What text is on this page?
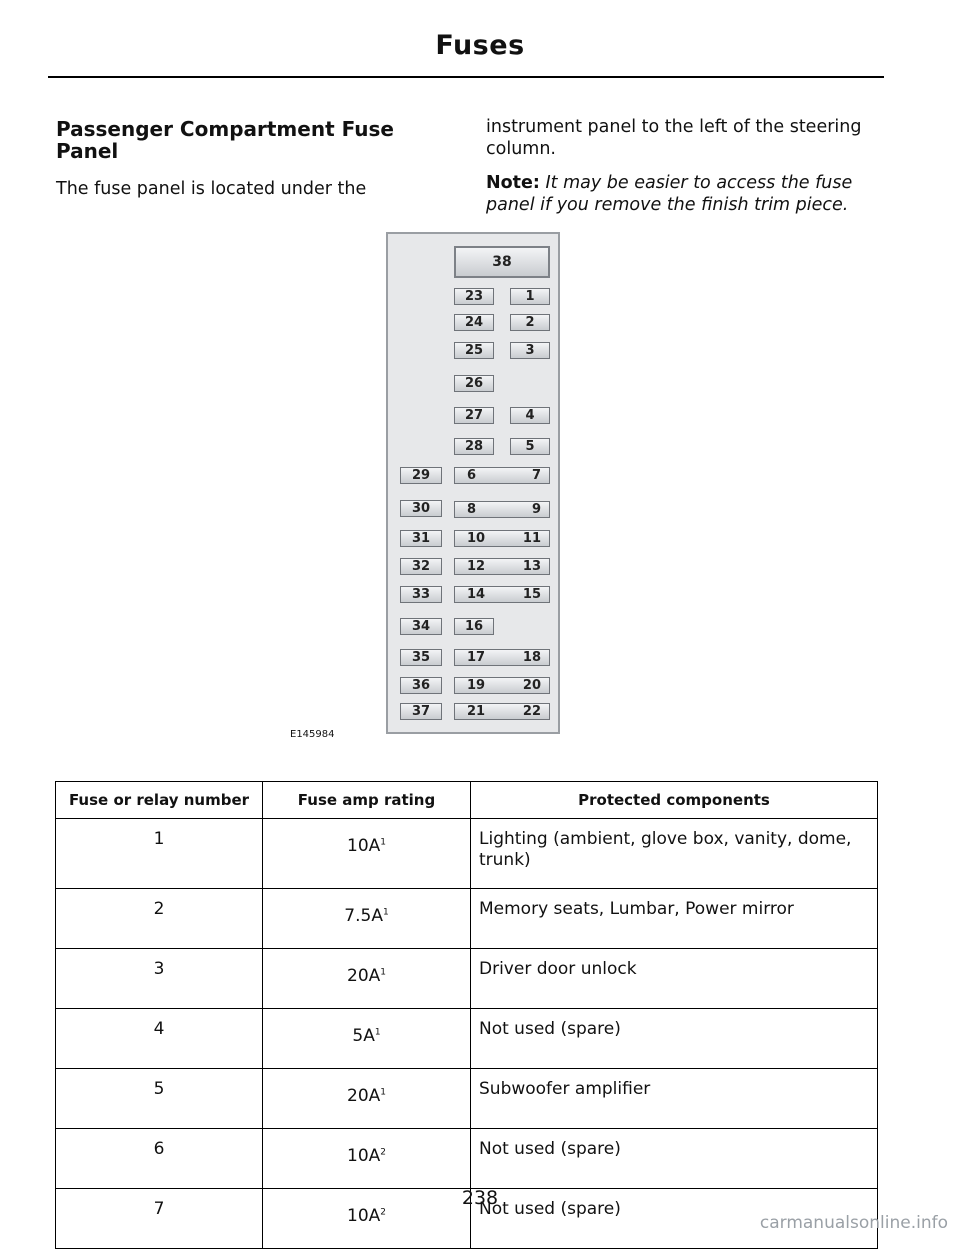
Fuses
Passenger Compartment Fuse Panel

The fuse panel is located under the

instrument panel to the left of the steering column.

Note: It may be easier to access the fuse panel if you remove the finish trim piece.

38
23	1
24	2
25	3
26
27	4
28	5
29	6	7
30	8	9
31	10	11
32	12	13
33	14	15
34	16
35	17	18
36	19	20
37	21	22
E145984
Fuse or relay number	Fuse amp rating	Protected components
1	$10A^1$	Lighting (ambient, glove box, vanity, dome, trunk)
2	$7.5A^1$	Memory seats, Lumbar, Power mirror
3	$20A^1$	Driver door unlock
4	$5A^1$	Not used (spare)
5	$20A^1$	Subwoofer amplifier
6	$10A^2$	Not used (spare)
7	$10A^2$	Not used (spare)
238
carmanualsonline.info
